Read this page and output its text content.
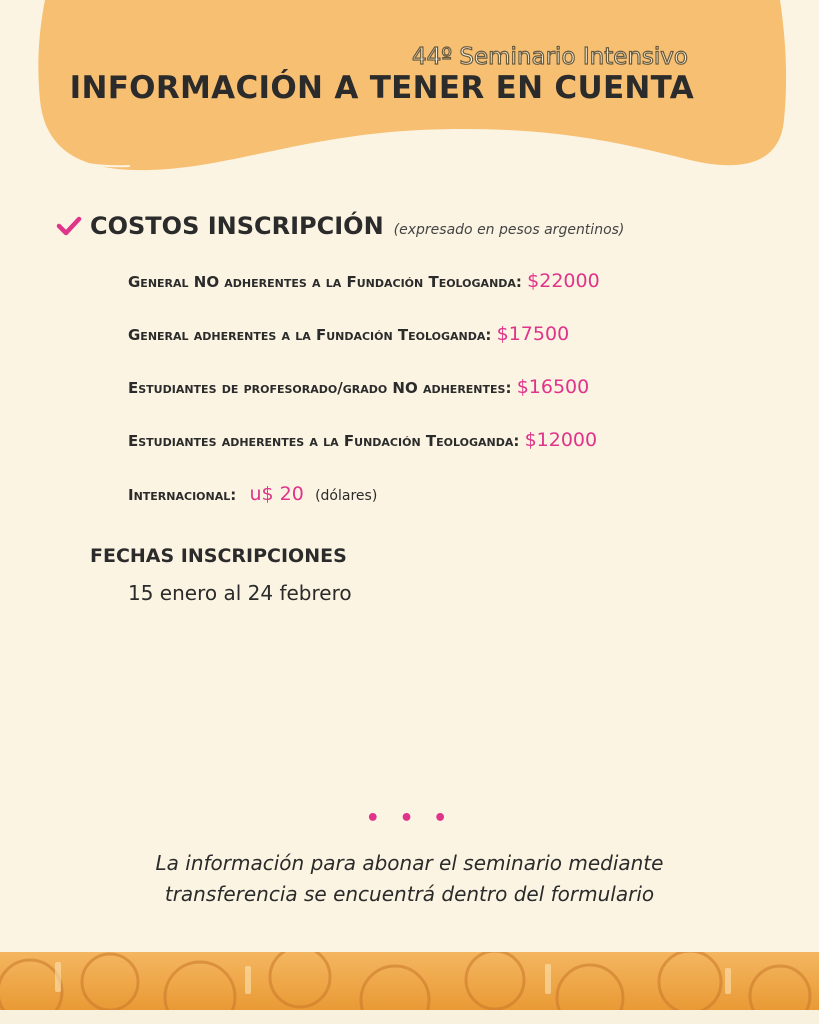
44º Seminario Intensivo
INFORMACIÓN A TENER EN CUENTA
COSTOS INSCRIPCIÓN (expresado en pesos argentinos)
General NO adherentes a la Fundación Teologanda: $22000
General adherentes a la Fundación Teologanda: $17500
Estudiantes de profesorado/grado NO adherentes: $16500
Estudiantes adherentes a la Fundación Teologanda: $12000
Internacional: u$ 20 (dólares)
FECHAS INSCRIPCIONES
15 enero al 24 febrero
• • •
La información para abonar el seminario mediante
transferencia se encuentrá dentro del formulario
